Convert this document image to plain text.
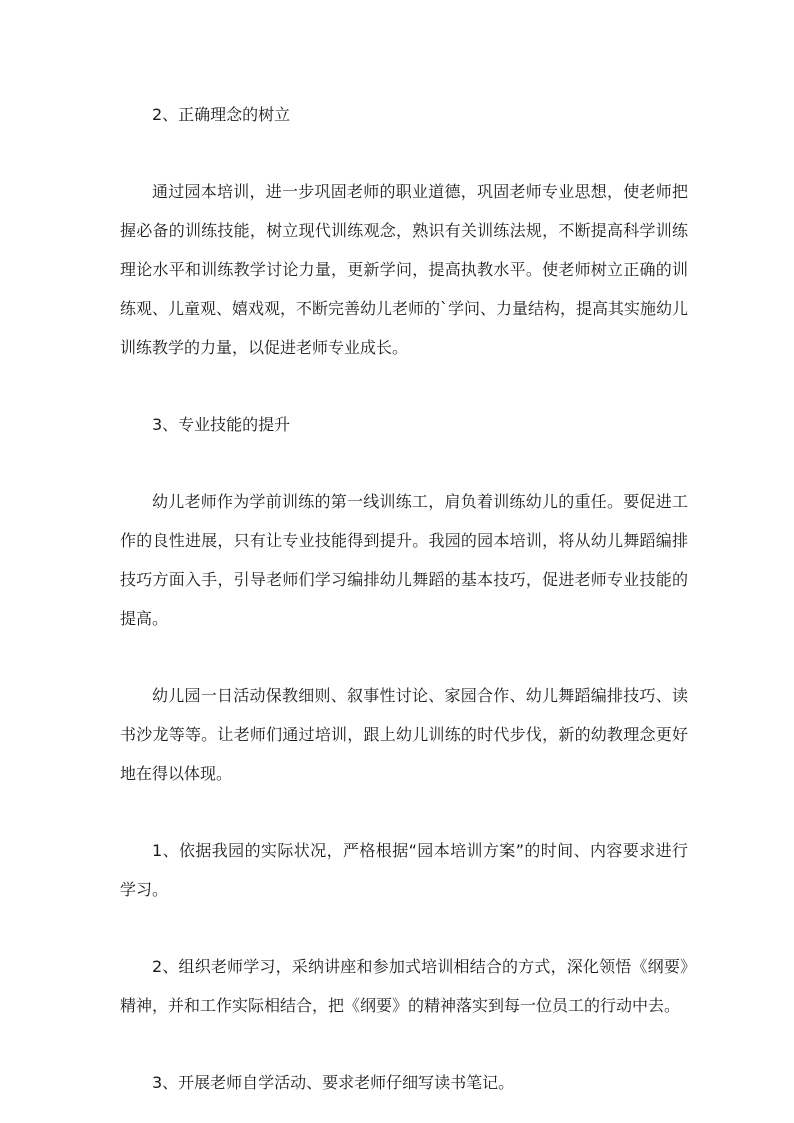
2、正确理念的树立

通过园本培训，进一步巩固老师的职业道德，巩固老师专业思想，使老师把握必备的训练技能，树立现代训练观念，熟识有关训练法规，不断提高科学训练理论水平和训练教学讨论力量，更新学问，提高执教水平。使老师树立正确的训练观、儿童观、嬉戏观，不断完善幼儿老师的`学问、力量结构，提高其实施幼儿训练教学的力量，以促进老师专业成长。

3、专业技能的提升

幼儿老师作为学前训练的第一线训练工，肩负着训练幼儿的重任。要促进工作的良性进展，只有让专业技能得到提升。我园的园本培训，将从幼儿舞蹈编排技巧方面入手，引导老师们学习编排幼儿舞蹈的基本技巧，促进老师专业技能的提高。

幼儿园一日活动保教细则、叙事性讨论、家园合作、幼儿舞蹈编排技巧、读书沙龙等等。让老师们通过培训，跟上幼儿训练的时代步伐，新的幼教理念更好地在得以体现。

1、依据我园的实际状况，严格根据“园本培训方案”的时间、内容要求进行学习。

2、组织老师学习，采纳讲座和参加式培训相结合的方式，深化领悟《纲要》精神，并和工作实际相结合，把《纲要》的精神落实到每一位员工的行动中去。

3、开展老师自学活动、要求老师仔细写读书笔记。
